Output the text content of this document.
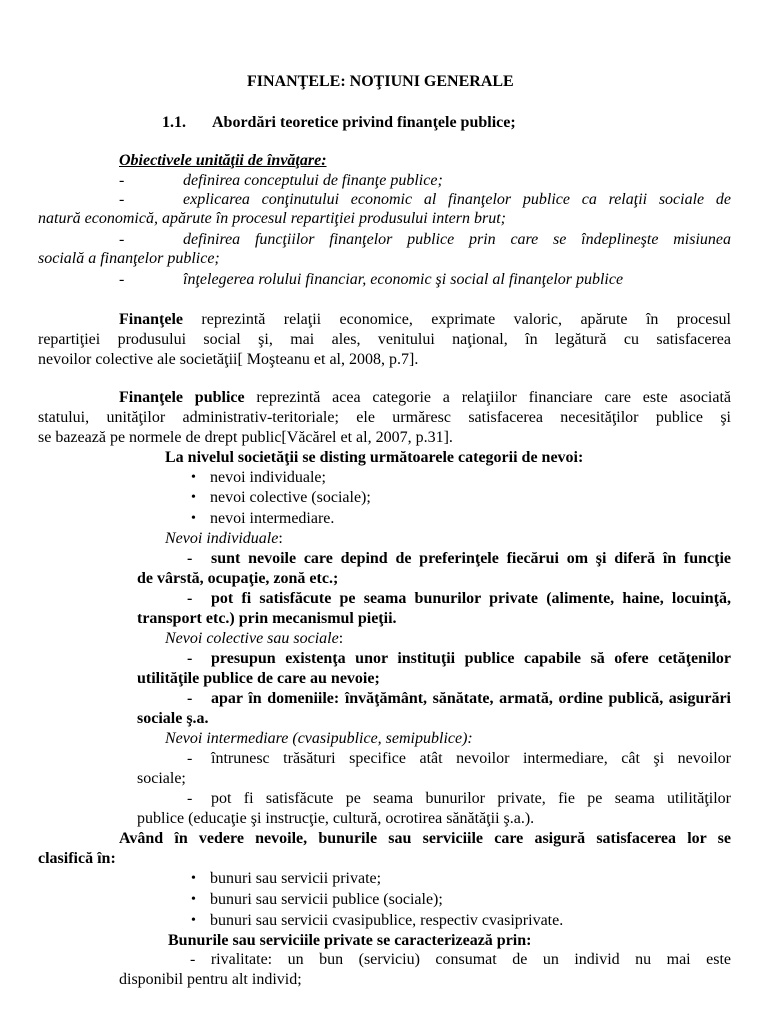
FINANŢELE: NOŢIUNI GENERALE
1.1. Abordări teoretice privind finanţele publice;
Obiectivele unităţii de învăţare:
-	definirea conceptului de finanţe publice;
-	explicarea conţinutului economic al finanţelor publice ca relaţii sociale de
natură economică, apărute în procesul repartiţiei produsului intern brut;
-	definirea funcţiilor finanţelor publice prin care se îndeplineşte misiunea
socială a finanţelor publice;
-	înţelegerea rolului financiar, economic şi social al finanţelor publice
Finanţele reprezintă relaţii economice, exprimate valoric, apărute în procesul
repartiţiei produsului social şi, mai ales, venitului naţional, în legătură cu satisfacerea
nevoilor colective ale societăţii[ Moşteanu et al, 2008, p.7].
Finanţele publice reprezintă acea categorie a relaţiilor financiare care este asociată
statului, unităţilor administrativ-teritoriale; ele urmăresc satisfacerea necesităţilor publice şi
se bazează pe normele de drept public[Văcărel et al, 2007, p.31].
La nivelul societăţii se disting următoarele categorii de nevoi:
• nevoi individuale;
• nevoi colective (sociale);
• nevoi intermediare.
Nevoi individuale:
- sunt nevoile care depind de preferinţele fiecărui om şi diferă în funcţie
de vârstă, ocupaţie, zonă etc.;
- pot fi satisfăcute pe seama bunurilor private (alimente, haine, locuinţă,
transport etc.) prin mecanismul pieţii.
Nevoi colective sau sociale:
- presupun existenţa unor instituţii publice capabile să ofere cetăţenilor
utilităţile publice de care au nevoie;
- apar în domeniile: învăţământ, sănătate, armată, ordine publică, asigurări
sociale ş.a.
Nevoi intermediare (cvasipublice, semipublice):
- întrunesc trăsături specifice atât nevoilor intermediare, cât şi nevoilor
sociale;
- pot fi satisfăcute pe seama bunurilor private, fie pe seama utilităţilor
publice (educaţie şi instrucţie, cultură, ocrotirea sănătăţii ş.a.).
Având în vedere nevoile, bunurile sau serviciile care asigură satisfacerea lor se
clasifică în:
• bunuri sau servicii private;
• bunuri sau servicii publice (sociale);
• bunuri sau servicii cvasipublice, respectiv cvasiprivate.
Bunurile sau serviciile private se caracterizează prin:
- rivalitate: un bun (serviciu) consumat de un individ nu mai este
disponibil pentru alt individ;
